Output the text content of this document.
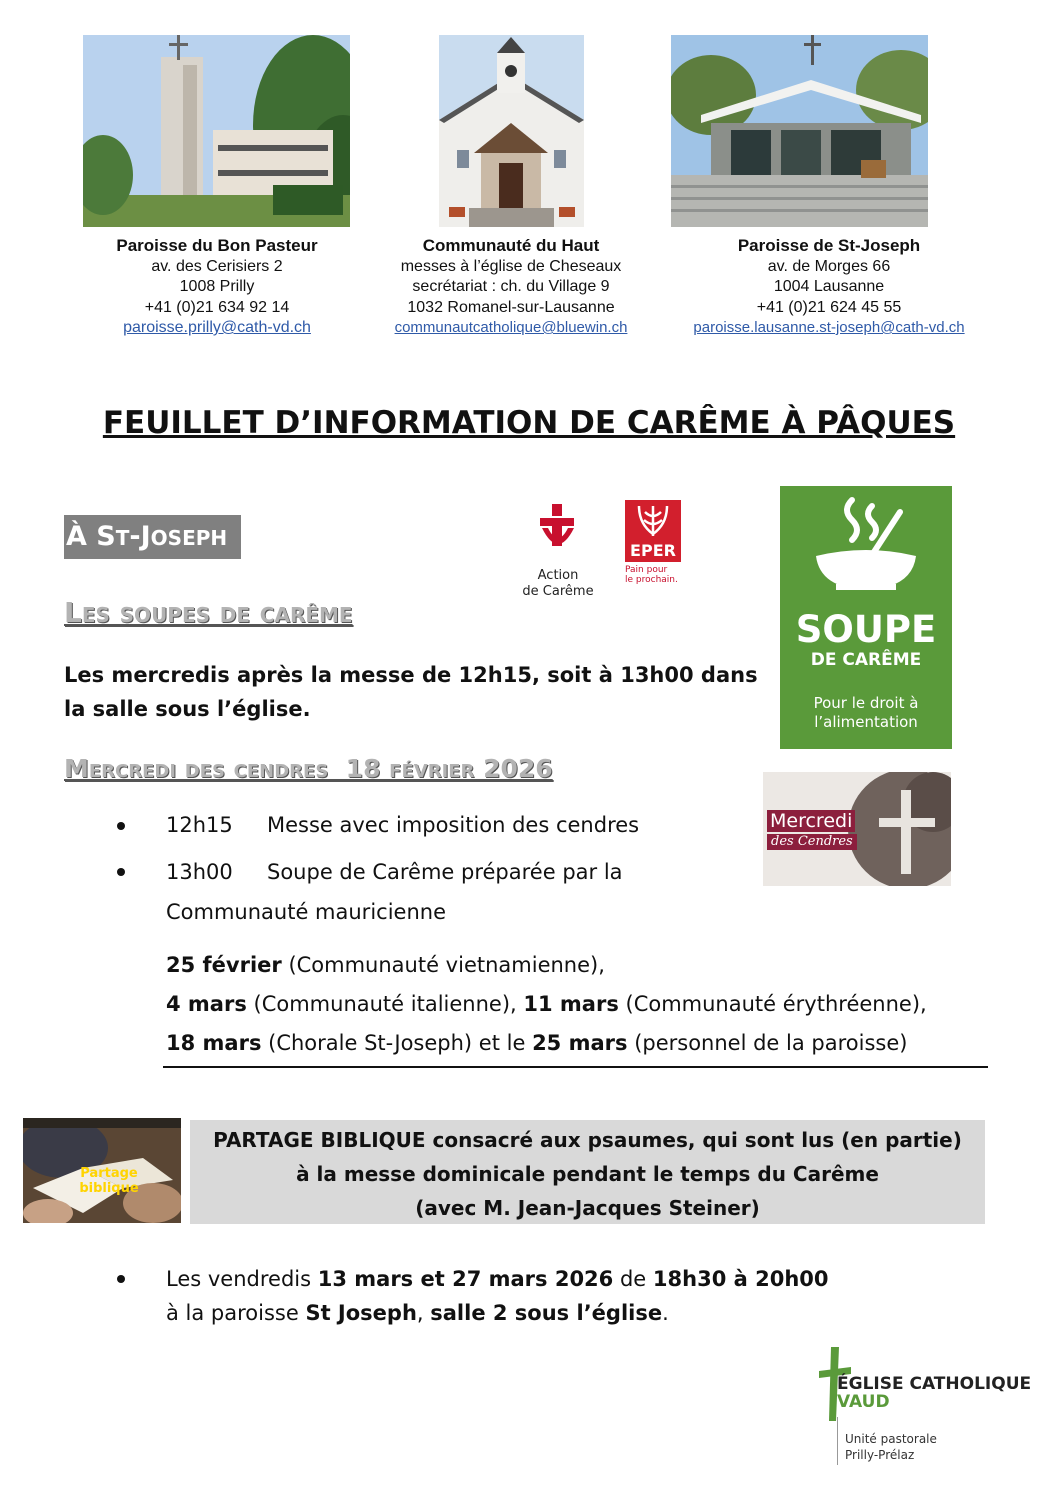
Paroisse du Bon Pasteur
av. des Cerisiers 2
1008 Prilly
+41 (0)21 634 92 14
paroisse.prilly@cath-vd.ch
Communauté du Haut
messes à l’église de Cheseaux
secrétariat : ch. du Village 9
1032 Romanel-sur-Lausanne
communautcatholique@bluewin.ch
Paroisse de St-Joseph
av. de Morges 66
1004 Lausanne
+41 (0)21 624 45 55
paroisse.lausanne.st-joseph@cath-vd.ch
FEUILLET D’INFORMATION DE CARÊME À PÂQUES
À ST-JOSEPH
Action
de Carême
EPER
Pain pour
le prochain.
SOUPE
DE CARÊME
Pour le droit à
l’alimentation
Les soupes de carême
Les mercredis après la messe de 12h15, soit à 13h00 dans
la salle sous l’église.
Mercredi des cendres  18 février 2026
Mercredi
des Cendres
12h15 Messe avec imposition des cendres
13h00 Soupe de Carême préparée par la
Communauté mauricienne
25 février (Communauté vietnamienne),
4 mars (Communauté italienne), 11 mars (Communauté érythréenne),
18 mars (Chorale St-Joseph) et le 25 mars (personnel de la paroisse)
Partage
biblique
PARTAGE BIBLIQUE consacré aux psaumes, qui sont lus (en partie)
à la messe dominicale pendant le temps du Carême
(avec M. Jean-Jacques Steiner)
Les vendredis 13 mars et 27 mars 2026 de 18h30 à 20h00
à la paroisse St Joseph, salle 2 sous l’église.
ÉGLISE CATHOLIQUE
VAUD
Unité pastorale
Prilly-Prélaz
